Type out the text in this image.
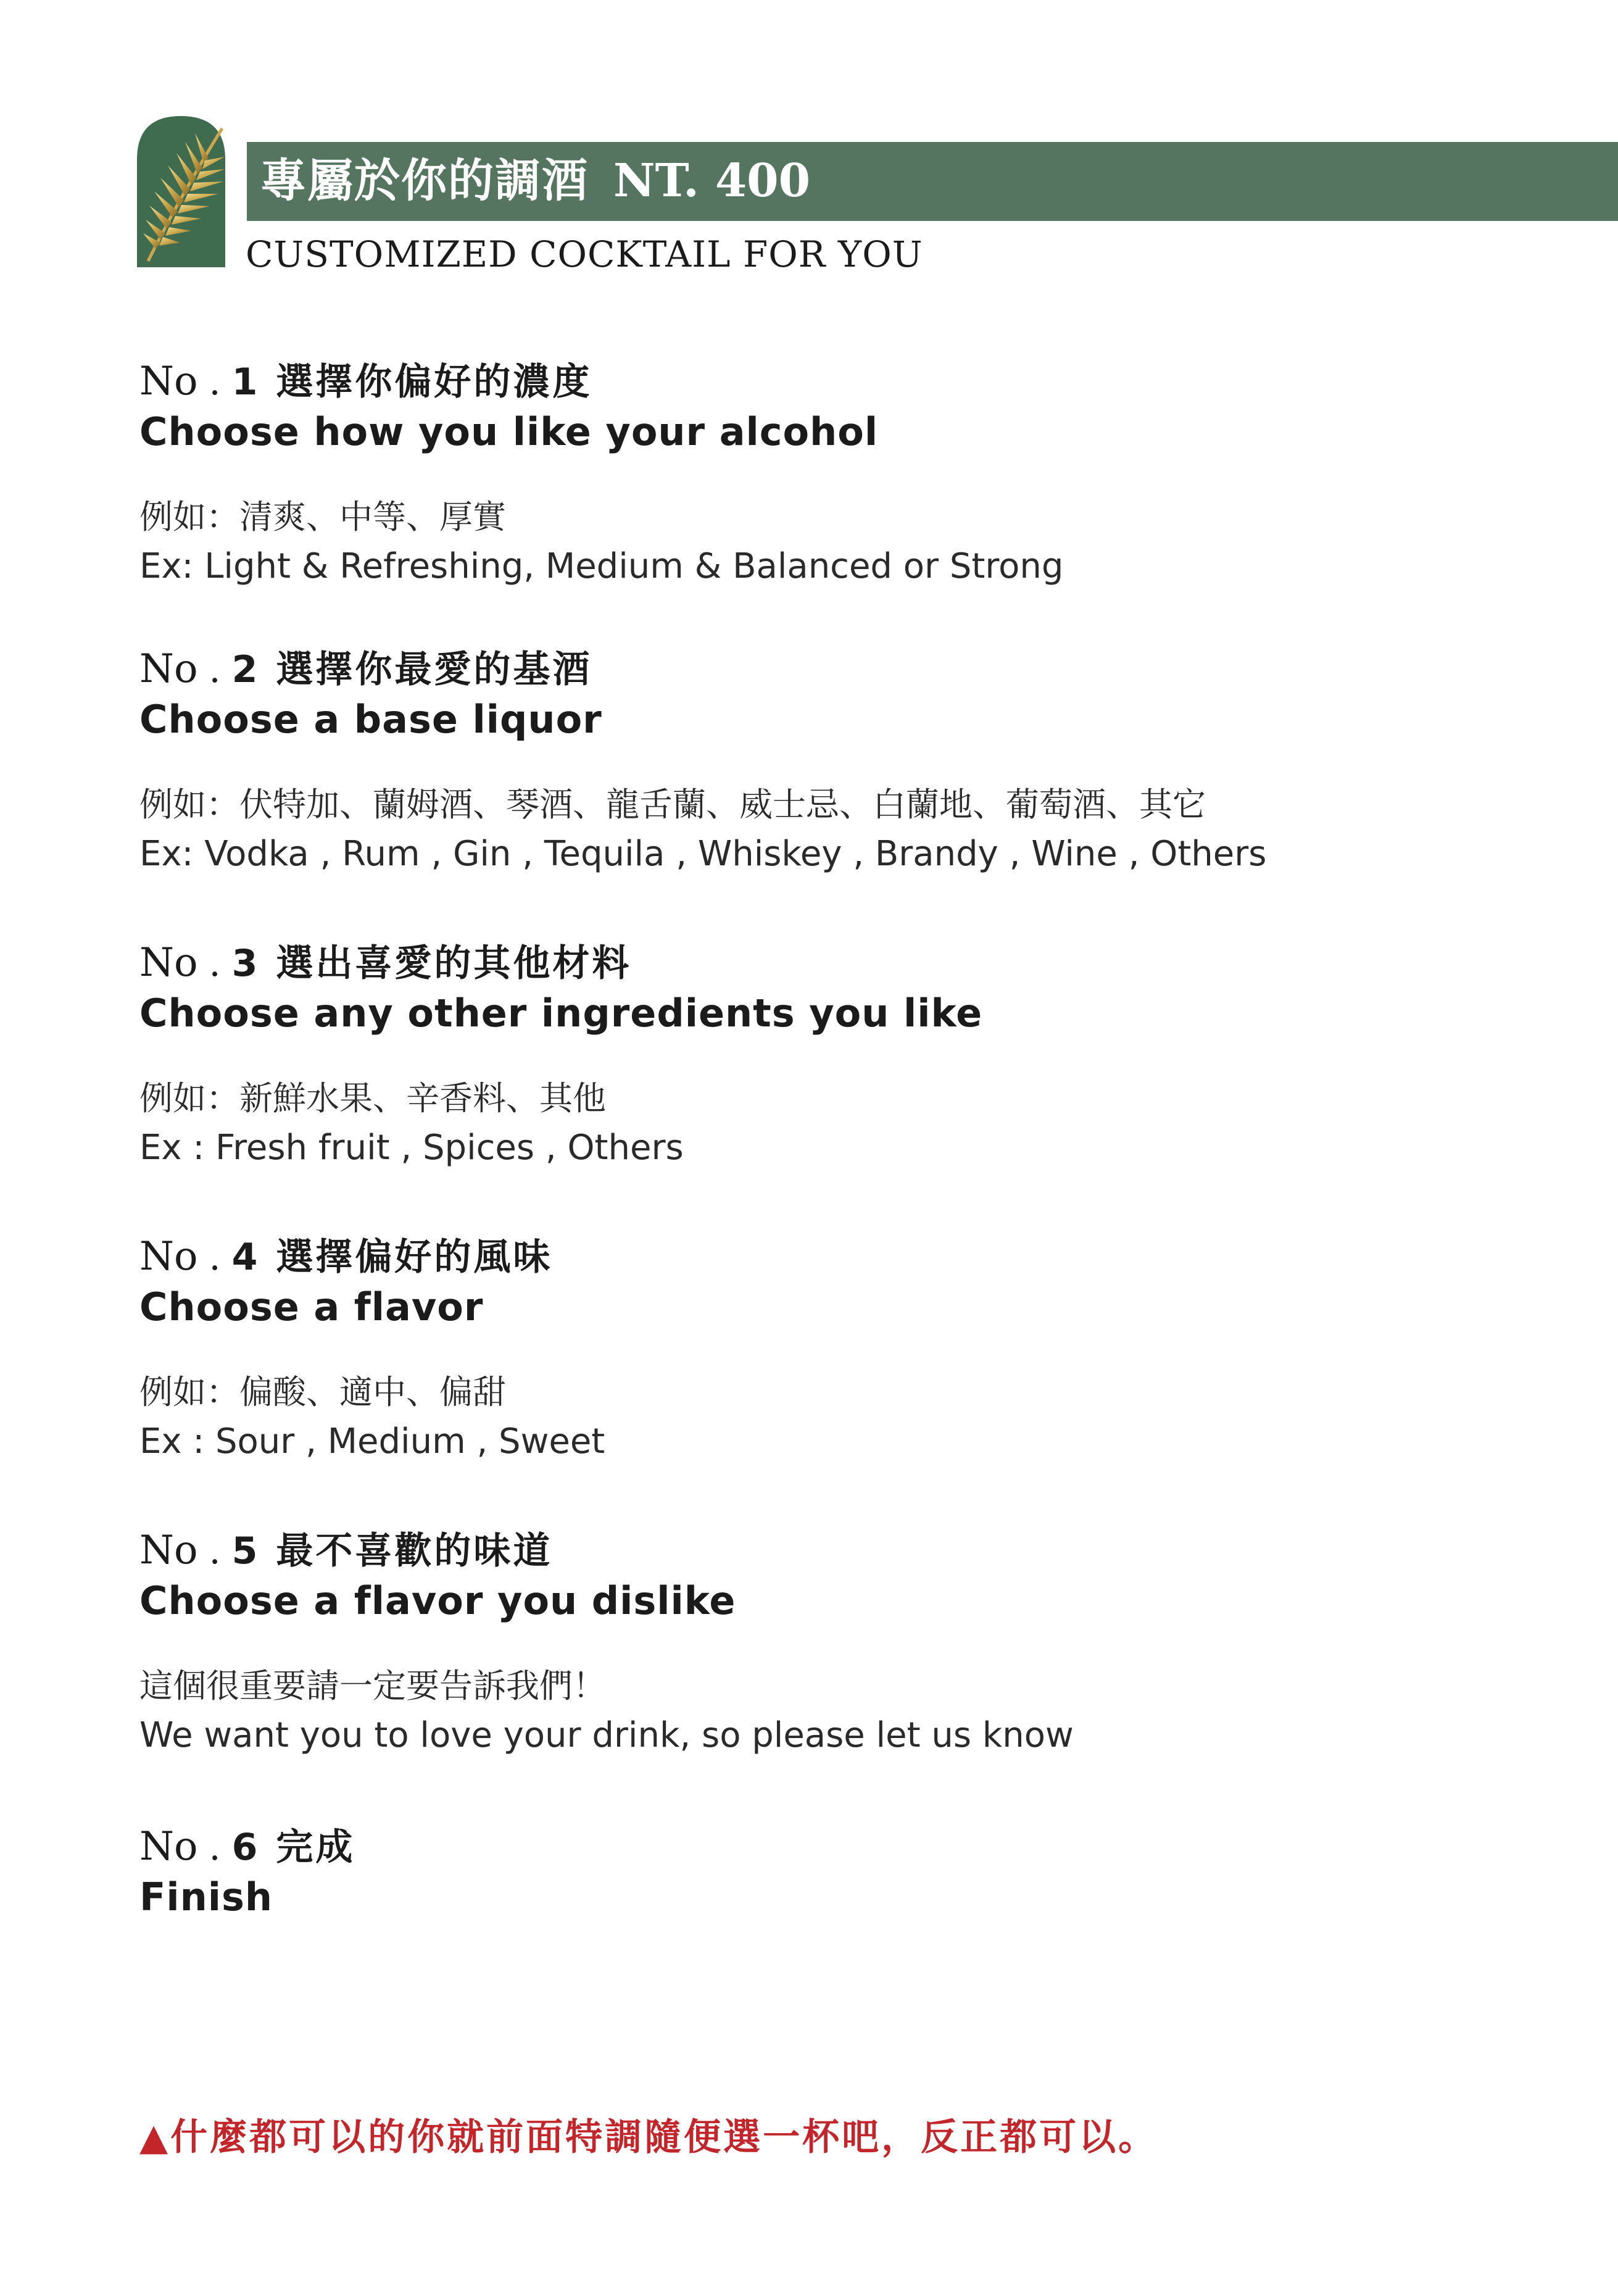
專屬於你的調酒 NT. 400
CUSTOMIZED COCKTAIL FOR YOU
No . 1 選擇你偏好的濃度
Choose how you like your alcohol
例如：清爽、中等、厚實
Ex: Light & Refreshing, Medium & Balanced or Strong
No . 2 選擇你最愛的基酒
Choose a base liquor
例如：伏特加、蘭姆酒、琴酒、龍舌蘭、威士忌、白蘭地、葡萄酒、其它
Ex: Vodka , Rum , Gin , Tequila , Whiskey , Brandy , Wine , Others
No . 3 選出喜愛的其他材料
Choose any other ingredients you like
例如：新鮮水果、辛香料、其他
Ex : Fresh fruit , Spices , Others
No . 4 選擇偏好的風味
Choose a flavor
例如：偏酸、適中、偏甜
Ex : Sour , Medium , Sweet
No . 5 最不喜歡的味道
Choose a flavor you dislike
這個很重要請一定要告訴我們！
We want you to love your drink, so please let us know
No . 6 完成
Finish
▲什麼都可以的你就前面特調隨便選一杯吧，反正都可以。
